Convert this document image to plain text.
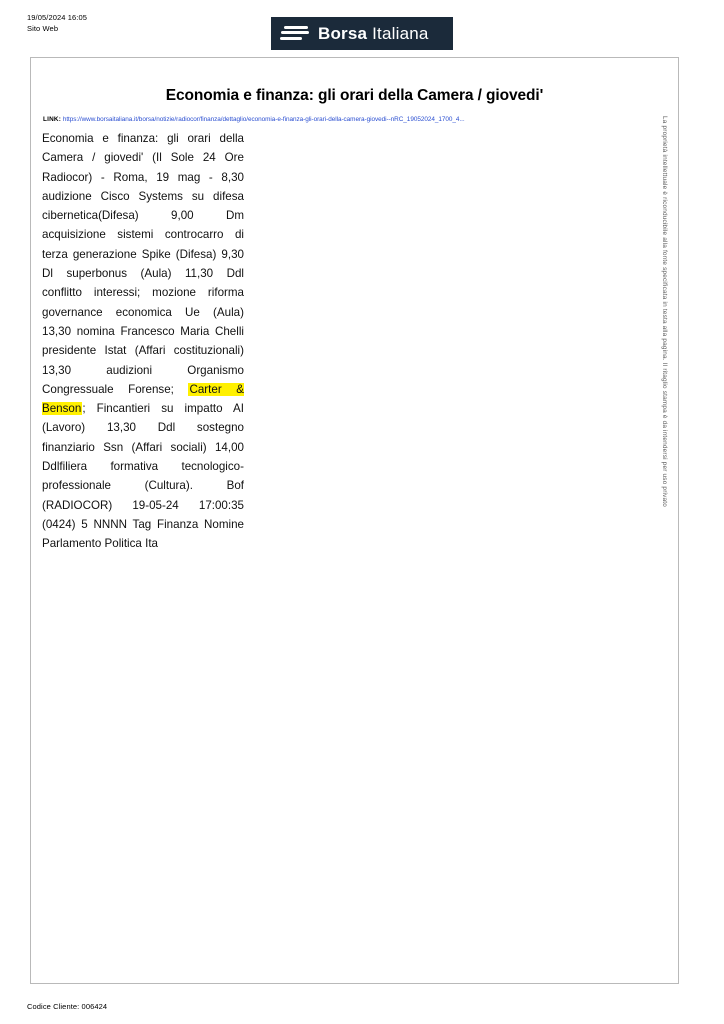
19/05/2024 16:05
Sito Web	Borsa Italiana
Economia e finanza: gli orari della Camera / giovedi'
LINK: https://www.borsaitaliana.it/borsa/notizie/radiocor/finanza/dettaglio/economia-e-finanza-gli-orari-della-camera-giovedi--nRC_19052024_1700_4...
Economia e finanza: gli orari della Camera / giovedi' (Il Sole 24 Ore Radiocor) - Roma, 19 mag - 8,30 audizione Cisco Systems su difesa cibernetica(Difesa) 9,00 Dm acquisizione sistemi controcarro di terza generazione Spike (Difesa) 9,30 Dl superbonus (Aula) 11,30 Ddl conflitto interessi; mozione riforma governance economica Ue (Aula) 13,30 nomina Francesco Maria Chelli presidente Istat (Affari costituzionali) 13,30 audizioni Organismo Congressuale Forense; Carter & Benson; Fincantieri su impatto AI (Lavoro) 13,30 Ddl sostegno finanziario Ssn (Affari sociali) 14,00 Ddlfiliera formativa tecnologico-professionale (Cultura). Bof (RADIOCOR) 19-05-24 17:00:35 (0424) 5 NNNN Tag Finanza Nomine Parlamento Politica Ita
La proprietà intellettuale è riconducibile alla fonte specificata in testa alla pagina. Il ritaglio stampa è da intendersi per uso privato
Codice Cliente: 006424
